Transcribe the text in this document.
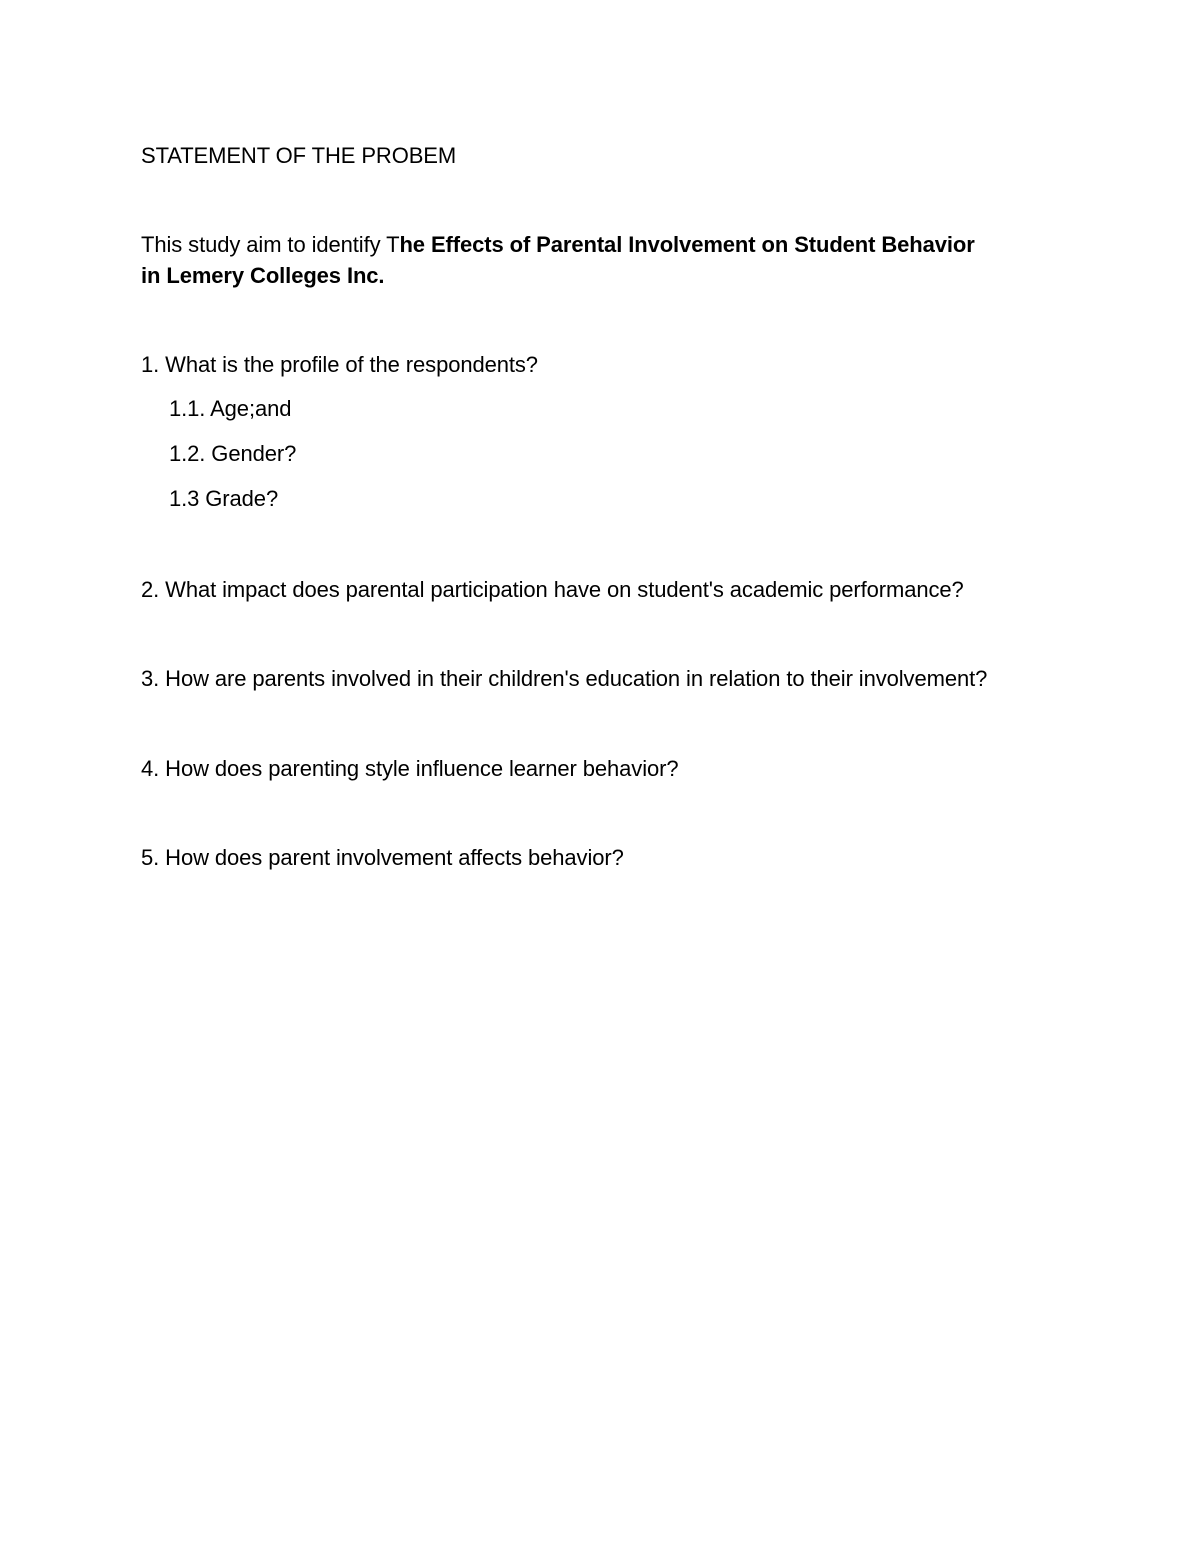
STATEMENT OF THE PROBEM
This study aim to identify The Effects of Parental Involvement on Student Behavior
in Lemery Colleges Inc.
1. What is the profile of the respondents?
1.1. Age;and
1.2. Gender?
1.3 Grade?
2. What impact does parental participation have on student's academic performance?
3. How are parents involved in their children's education in relation to their involvement?
4. How does parenting style influence learner behavior?
5. How does parent involvement affects behavior?
